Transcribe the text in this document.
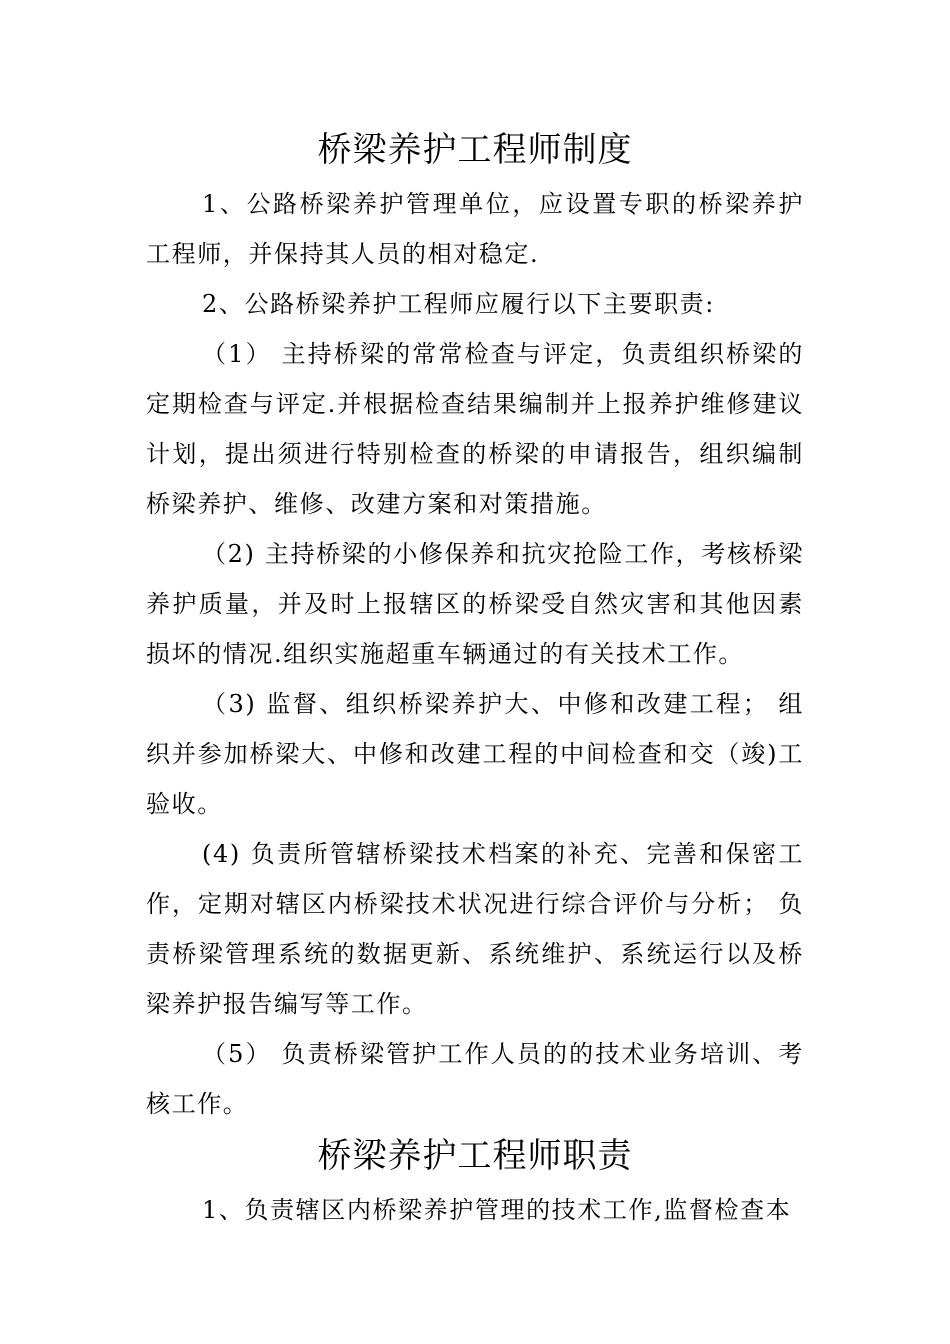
桥梁养护工程师制度

1、公路桥梁养护管理单位，应设置专职的桥梁养护工程师，并保持其人员的相对稳定.

2、公路桥梁养护工程师应履行以下主要职责:

（1） 主持桥梁的常常检查与评定，负责组织桥梁的定期检查与评定.并根据检查结果编制并上报养护维修建议计划，提出须进行特别检查的桥梁的申请报告，组织编制桥梁养护、维修、改建方案和对策措施。

（2) 主持桥梁的小修保养和抗灾抢险工作，考核桥梁养护质量，并及时上报辖区的桥梁受自然灾害和其他因素损坏的情况.组织实施超重车辆通过的有关技术工作。

（3) 监督、组织桥梁养护大、中修和改建工程； 组织并参加桥梁大、中修和改建工程的中间检查和交（竣)工验收。

(4) 负责所管辖桥梁技术档案的补充、完善和保密工作，定期对辖区内桥梁技术状况进行综合评价与分析； 负责桥梁管理系统的数据更新、系统维护、系统运行以及桥梁养护报告编写等工作。

（5） 负责桥梁管护工作人员的的技术业务培训、考核工作。

桥梁养护工程师职责

1、负责辖区内桥梁养护管理的技术工作,监督检查本
